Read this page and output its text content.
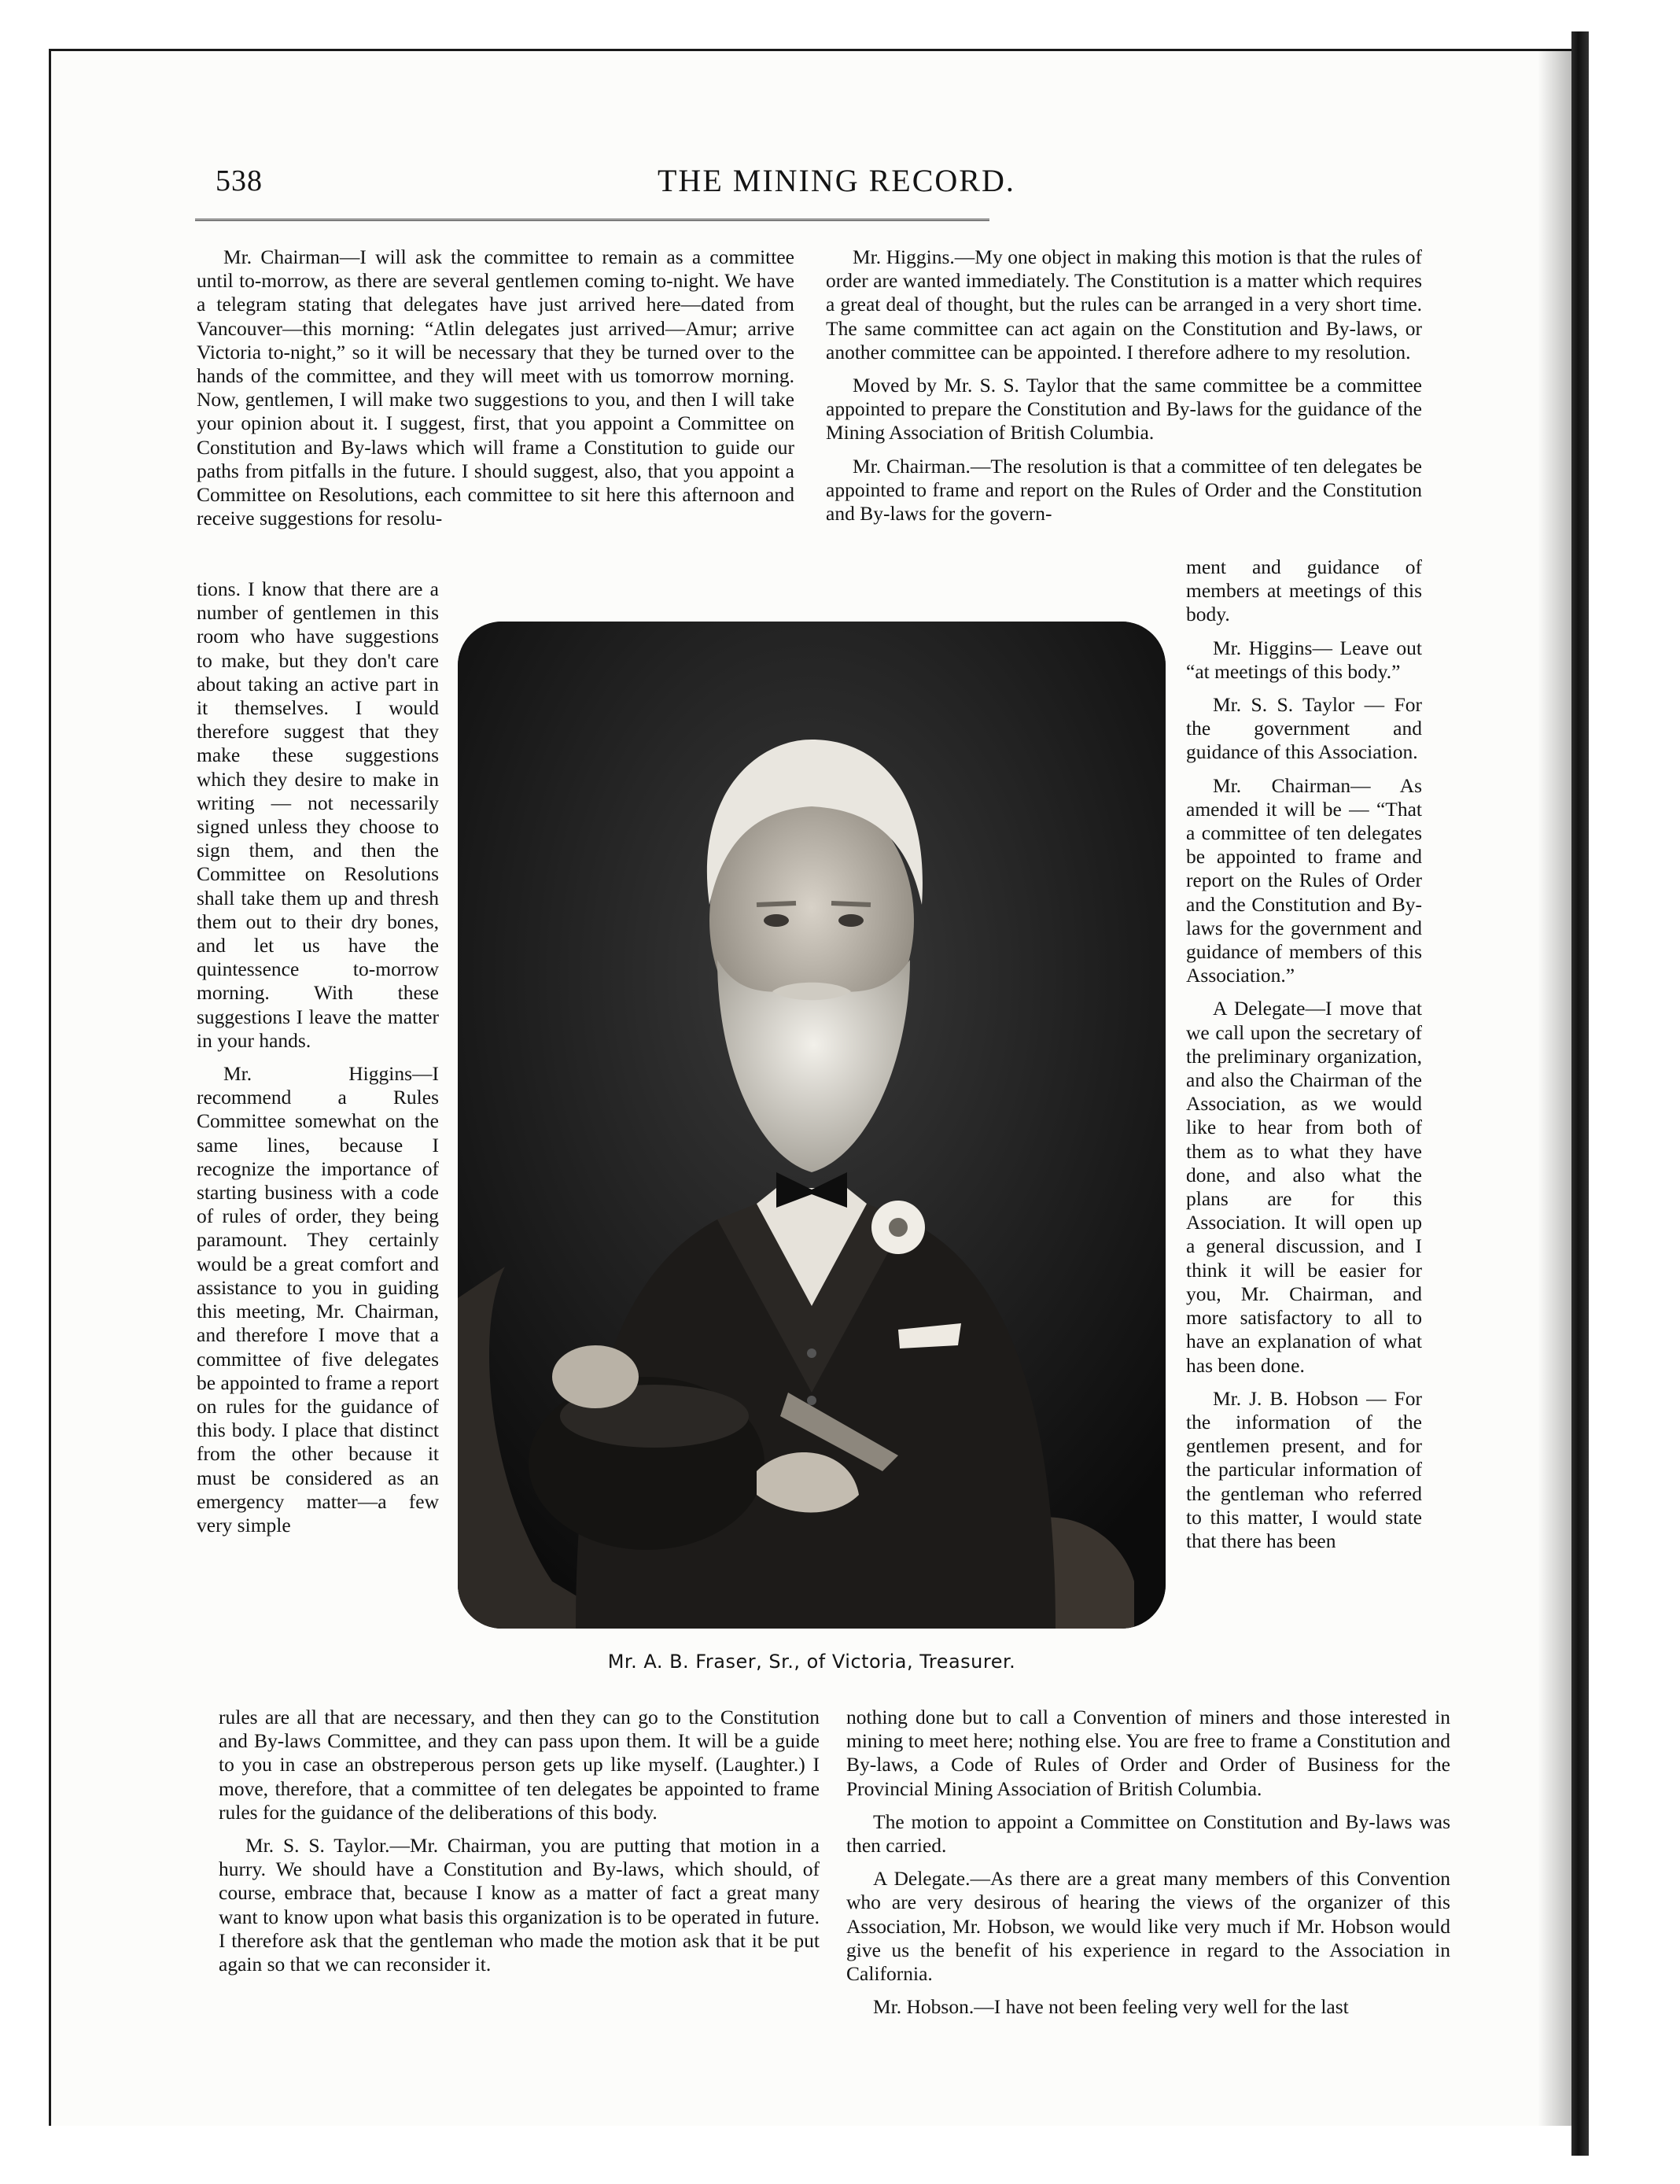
538	THE MINING RECORD.

Mr. Chairman—I will ask the committee to remain as a committee until to-morrow, as there are several gentlemen coming to-night. We have a telegram stating that delegates have just arrived here—dated from Vancouver—this morning: “Atlin delegates just arrived—Amur; arrive Victoria to-night,” so it will be necessary that they be turned over to the hands of the committee, and they will meet with us tomorrow morning. Now, gentlemen, I will make two suggestions to you, and then I will take your opinion about it. I suggest, first, that you appoint a Committee on Constitution and By-laws which will frame a Constitution to guide our paths from pitfalls in the future. I should suggest, also, that you appoint a Committee on Resolutions, each committee to sit here this afternoon and receive suggestions for resolu-

tions. I know that there are a number of gentlemen in this room who have suggestions to make, but they don't care about taking an active part in it themselves. I would therefore suggest that they make these suggestions which they desire to make in writing — not necessarily signed unless they choose to sign them, and then the Committee on Resolutions shall take them up and thresh them out to their dry bones, and let us have the quintessence to-morrow morning. With these suggestions I leave the matter in your hands.

Mr. Higgins—I recommend a Rules Committee somewhat on the same lines, because I recognize the importance of starting business with a code of rules of order, they being paramount. They certainly would be a great comfort and assistance to you in guiding this meeting, Mr. Chairman, and therefore I move that a committee of five delegates be appointed to frame a report on rules for the guidance of this body. I place that distinct from the other because it must be considered as an emergency matter—a few very simple

rules are all that are necessary, and then they can go to the Constitution and By-laws Committee, and they can pass upon them. It will be a guide to you in case an obstreperous person gets up like myself. (Laughter.) I move, therefore, that a committee of ten delegates be appointed to frame rules for the guidance of the deliberations of this body.

Mr. S. S. Taylor.—Mr. Chairman, you are putting that motion in a hurry. We should have a Constitution and By-laws, which should, of course, embrace that, because I know as a matter of fact a great many want to know upon what basis this organization is to be operated in future. I therefore ask that the gentleman who made the motion ask that it be put again so that we can reconsider it.

Mr. Higgins.—My one object in making this motion is that the rules of order are wanted immediately. The Constitution is a matter which requires a great deal of thought, but the rules can be arranged in a very short time. The same committee can act again on the Constitution and By-laws, or another committee can be appointed. I therefore adhere to my resolution.

Moved by Mr. S. S. Taylor that the same committee be a committee appointed to prepare the Constitution and By-laws for the guidance of the Mining Association of British Columbia.

Mr. Chairman.—The resolution is that a committee of ten delegates be appointed to frame and report on the Rules of Order and the Constitution and By-laws for the govern-

ment and guidance of members at meetings of this body.

Mr. Higgins— Leave out “at meetings of this body.”

Mr. S. S. Taylor — For the government and guidance of this Association.

Mr. Chairman— As amended it will be — “That a committee of ten delegates be appointed to frame and report on the Rules of Order and the Constitution and By-laws for the government and guidance of members of this Association.”

A Delegate—I move that we call upon the secretary of the preliminary organization, and also the Chairman of the Association, as we would like to hear from both of them as to what they have done, and also what the plans are for this Association. It will open up a general discussion, and I think it will be easier for you, Mr. Chairman, and more satisfactory to all to have an explanation of what has been done.

Mr. J. B. Hobson — For the information of the gentlemen present, and for the particular information of the gentleman who referred to this matter, I would state that there has been

nothing done but to call a Convention of miners and those interested in mining to meet here; nothing else. You are free to frame a Constitution and By-laws, a Code of Rules of Order and Order of Business for the Provincial Mining Association of British Columbia.

The motion to appoint a Committee on Constitution and By-laws was then carried.

A Delegate.—As there are a great many members of this Convention who are very desirous of hearing the views of the organizer of this Association, Mr. Hobson, we would like very much if Mr. Hobson would give us the benefit of his experience in regard to the Association in California.

Mr. Hobson.—I have not been feeling very well for the last

Mr. A. B. Fraser, Sr., of Victoria, Treasurer.
